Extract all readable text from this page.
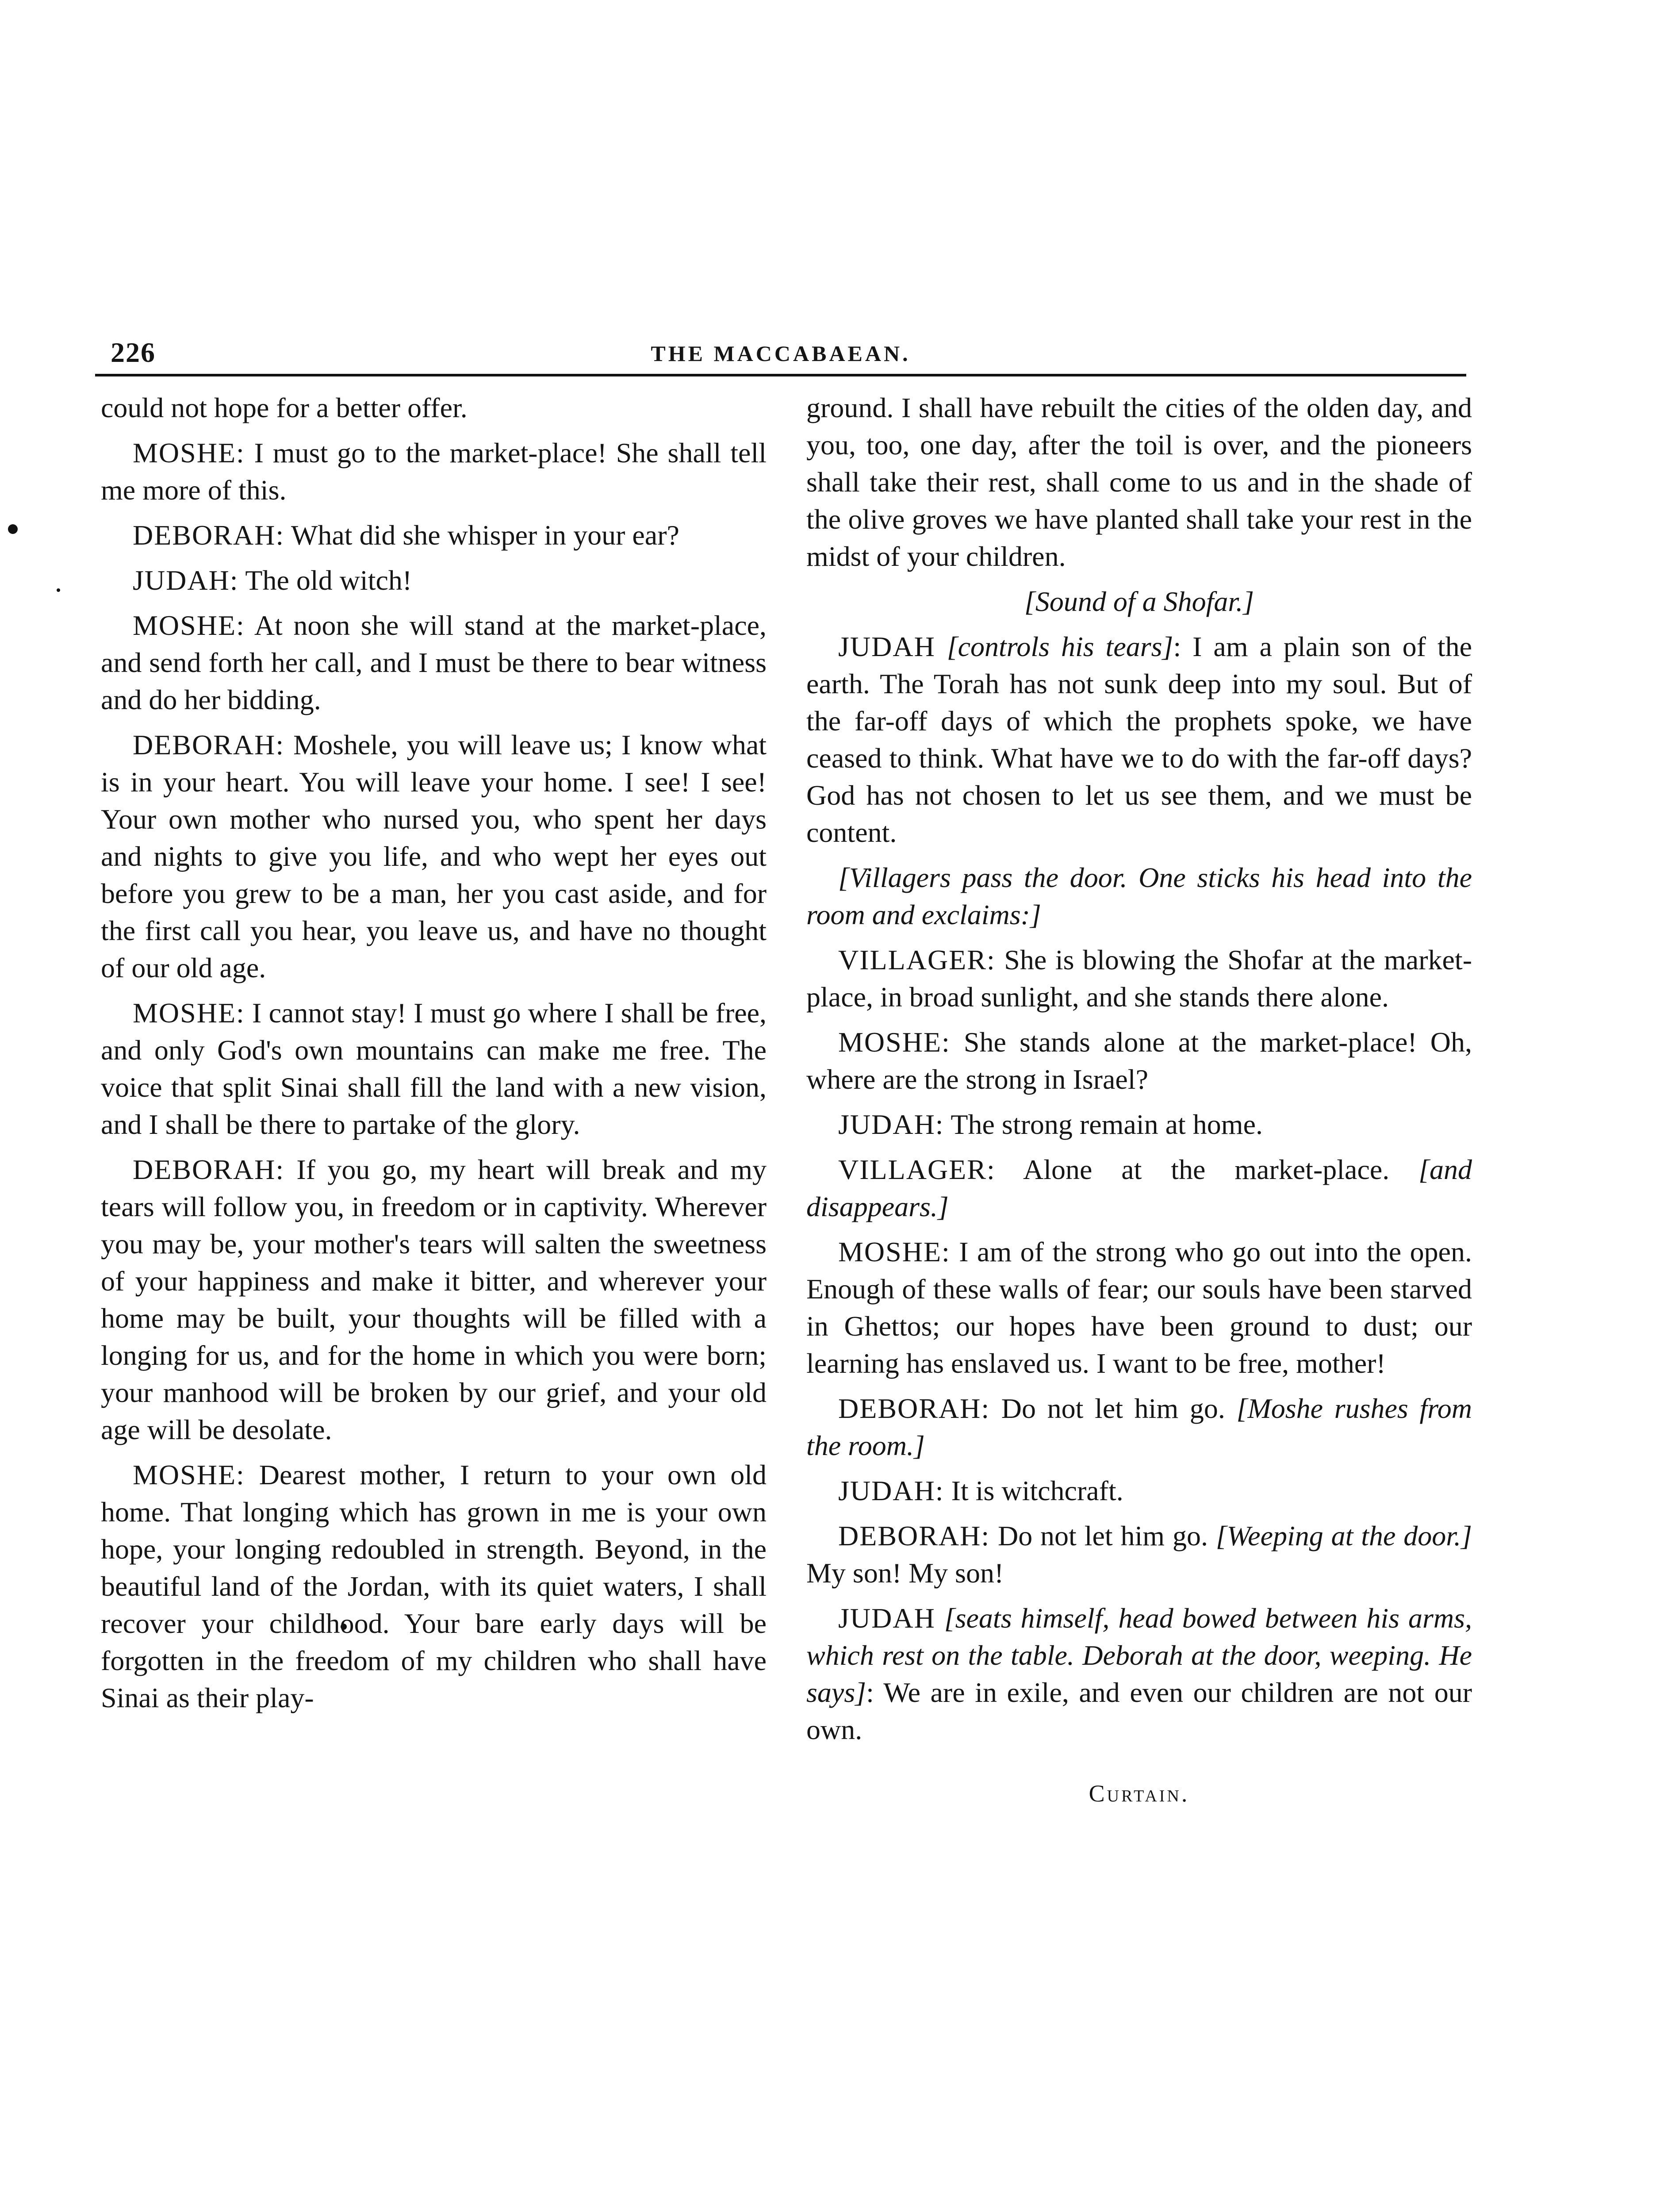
226	THE MACCABAEAN.

could not hope for a better offer.

MOSHE: I must go to the market-place! She shall tell me more of this.

DEBORAH: What did she whisper in your ear?

JUDAH: The old witch!

MOSHE: At noon she will stand at the market-place, and send forth her call, and I must be there to bear witness and do her bidding.

DEBORAH: Moshele, you will leave us; I know what is in your heart. You will leave your home. I see! I see! Your own mother who nursed you, who spent her days and nights to give you life, and who wept her eyes out before you grew to be a man, her you cast aside, and for the first call you hear, you leave us, and have no thought of our old age.

MOSHE: I cannot stay! I must go where I shall be free, and only God's own mountains can make me free. The voice that split Sinai shall fill the land with a new vision, and I shall be there to partake of the glory.

DEBORAH: If you go, my heart will break and my tears will follow you, in freedom or in captivity. Wherever you may be, your mother's tears will salten the sweetness of your happiness and make it bitter, and wherever your home may be built, your thoughts will be filled with a longing for us, and for the home in which you were born; your manhood will be broken by our grief, and your old age will be desolate.

MOSHE: Dearest mother, I return to your own old home. That longing which has grown in me is your own hope, your longing redoubled in strength. Beyond, in the beautiful land of the Jordan, with its quiet waters, I shall recover your childhood. Your bare early days will be forgotten in the freedom of my children who shall have Sinai as their play-

ground. I shall have rebuilt the cities of the olden day, and you, too, one day, after the toil is over, and the pioneers shall take their rest, shall come to us and in the shade of the olive groves we have planted shall take your rest in the midst of your children.

[Sound of a Shofar.]

JUDAH [controls his tears]: I am a plain son of the earth. The Torah has not sunk deep into my soul. But of the far-off days of which the prophets spoke, we have ceased to think. What have we to do with the far-off days? God has not chosen to let us see them, and we must be content.

[Villagers pass the door. One sticks his head into the room and exclaims:]

VILLAGER: She is blowing the Shofar at the market-place, in broad sunlight, and she stands there alone.

MOSHE: She stands alone at the market-place! Oh, where are the strong in Israel?

JUDAH: The strong remain at home.

VILLAGER: Alone at the market-place. [and disappears.]

MOSHE: I am of the strong who go out into the open. Enough of these walls of fear; our souls have been starved in Ghettos; our hopes have been ground to dust; our learning has enslaved us. I want to be free, mother!

DEBORAH: Do not let him go. [Moshe rushes from the room.]

JUDAH: It is witchcraft.

DEBORAH: Do not let him go. [Weeping at the door.] My son! My son!

JUDAH [seats himself, head bowed between his arms, which rest on the table. Deborah at the door, weeping. He says]: We are in exile, and even our children are not our own.

Curtain.
